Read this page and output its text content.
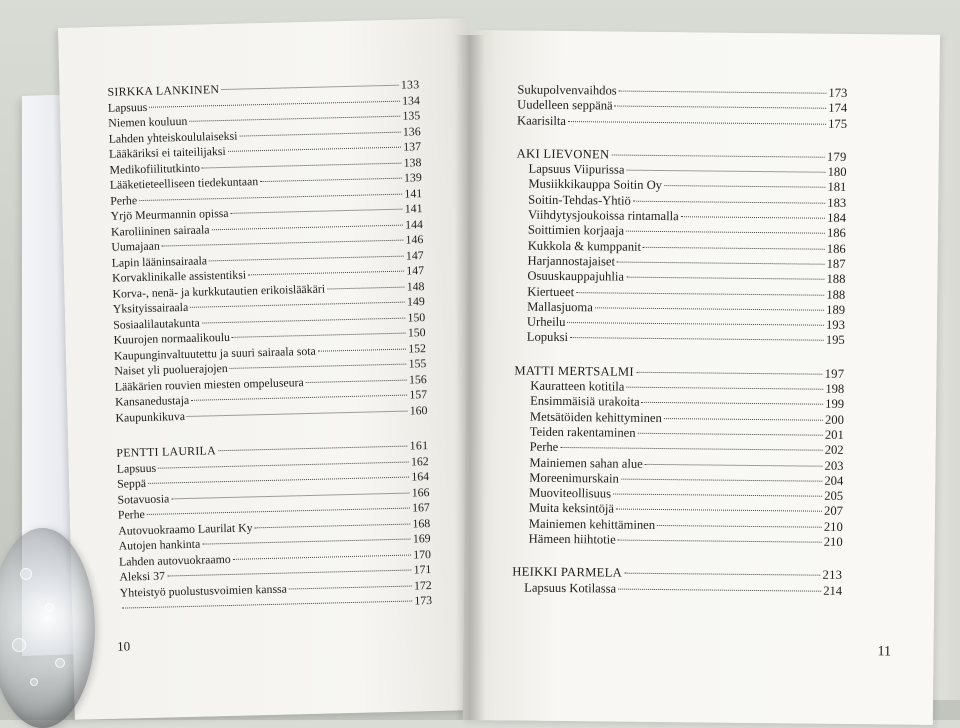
SIRKKA LANKINEN	133
Lapsuus	134
Niemen kouluun	135
Lahden yhteiskoululaiseksi	136
Lääkäriksi ei taiteilijaksi	137
Medikofiilitutkinto	138
Lääketieteelliseen tiedekuntaan	139
Perhe	141
Yrjö Meurmannin opissa	141
Karoliininen sairaala	144
Uumajaan	146
Lapin lääninsairaala	147
Korvaklinikalle assistentiksi	147
Korva-, nenä- ja kurkkutautien erikoislääkäri	148
Yksityissairaala	149
Sosiaalilautakunta	150
Kuurojen normaalikoulu	150
Kaupunginvaltuutettu ja suuri sairaala sota	152
Naiset yli puoluerajojen	155
Lääkärien rouvien miesten ompeluseura	156
Kansanedustaja	157
Kaupunkikuva	160
PENTTI LAURILA	161
Lapsuus	162
Seppä	164
Sotavuosia	166
Perhe	167
Autovuokraamo Laurilat Ky	168
Autojen hankinta	169
Lahden autovuokraamo	170
Aleksi 37	171
Yhteistyö puolustusvoimien kanssa	172
173
10
Sukupolvenvaihdos	173
Uudelleen seppänä	174
Kaarisilta	175
AKI LIEVONEN	179
Lapsuus Viipurissa	180
Musiikkikauppa Soitin Oy	181
Soitin-Tehdas-Yhtiö	183
Viihdytysjoukoissa rintamalla	184
Soittimien korjaaja	186
Kukkola & kumppanit	186
Harjannostajaiset	187
Osuuskauppajuhlia	188
Kiertueet	188
Mallasjuoma	189
Urheilu	193
Lopuksi	195
MATTI MERTSALMI	197
Kauratteen kotitila	198
Ensimmäisiä urakoita	199
Metsätöiden kehittyminen	200
Teiden rakentaminen	201
Perhe	202
Mainiemen sahan alue	203
Moreenimurskain	204
Muoviteollisuus	205
Muita keksintöjä	207
Mainiemen kehittäminen	210
Hämeen hiihtotie	210
HEIKKI PARMELA	213
Lapsuus Kotilassa	214
11
